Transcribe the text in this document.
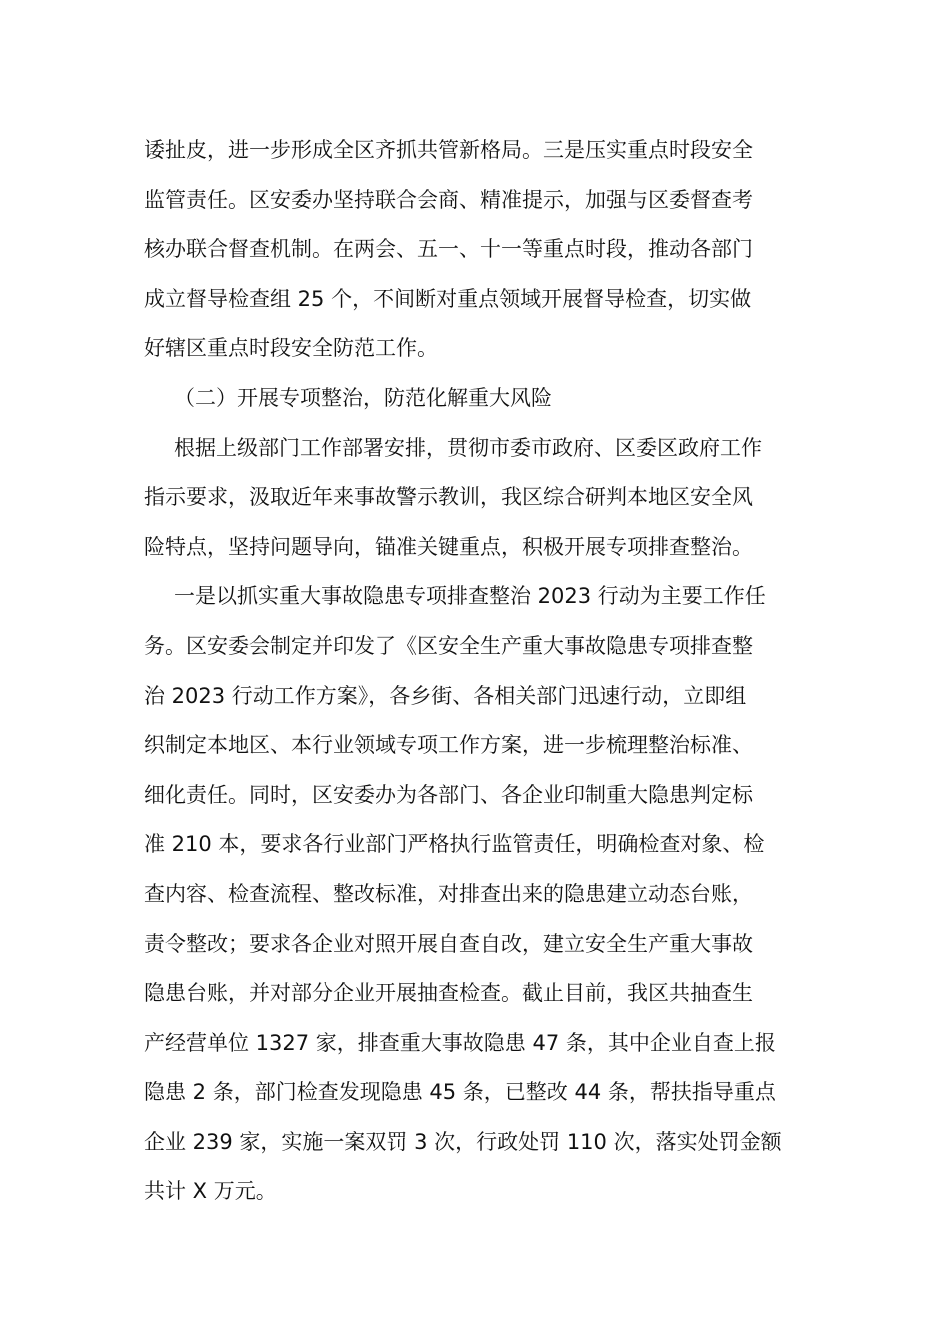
诿扯皮，进一步形成全区齐抓共管新格局。三是压实重点时段安全
监管责任。区安委办坚持联合会商、精准提示，加强与区委督查考
核办联合督查机制。在两会、五一、十一等重点时段，推动各部门
成立督导检查组 25 个，不间断对重点领域开展督导检查，切实做
好辖区重点时段安全防范工作。
（二）开展专项整治，防范化解重大风险
根据上级部门工作部署安排，贯彻市委市政府、区委区政府工作
指示要求，汲取近年来事故警示教训，我区综合研判本地区安全风
险特点，坚持问题导向，锚准关键重点，积极开展专项排查整治。
一是以抓实重大事故隐患专项排查整治 2023 行动为主要工作任
务。区安委会制定并印发了《区安全生产重大事故隐患专项排查整
治 2023 行动工作方案》，各乡街、各相关部门迅速行动，立即组
织制定本地区、本行业领域专项工作方案，进一步梳理整治标准、
细化责任。同时，区安委办为各部门、各企业印制重大隐患判定标
准 210 本，要求各行业部门严格执行监管责任，明确检查对象、检
查内容、检查流程、整改标准，对排查出来的隐患建立动态台账，
责令整改；要求各企业对照开展自查自改，建立安全生产重大事故
隐患台账，并对部分企业开展抽查检查。截止目前，我区共抽查生
产经营单位 1327 家，排查重大事故隐患 47 条，其中企业自查上报
隐患 2 条，部门检查发现隐患 45 条，已整改 44 条，帮扶指导重点
企业 239 家，实施一案双罚 3 次，行政处罚 110 次，落实处罚金额
共计 X 万元。
